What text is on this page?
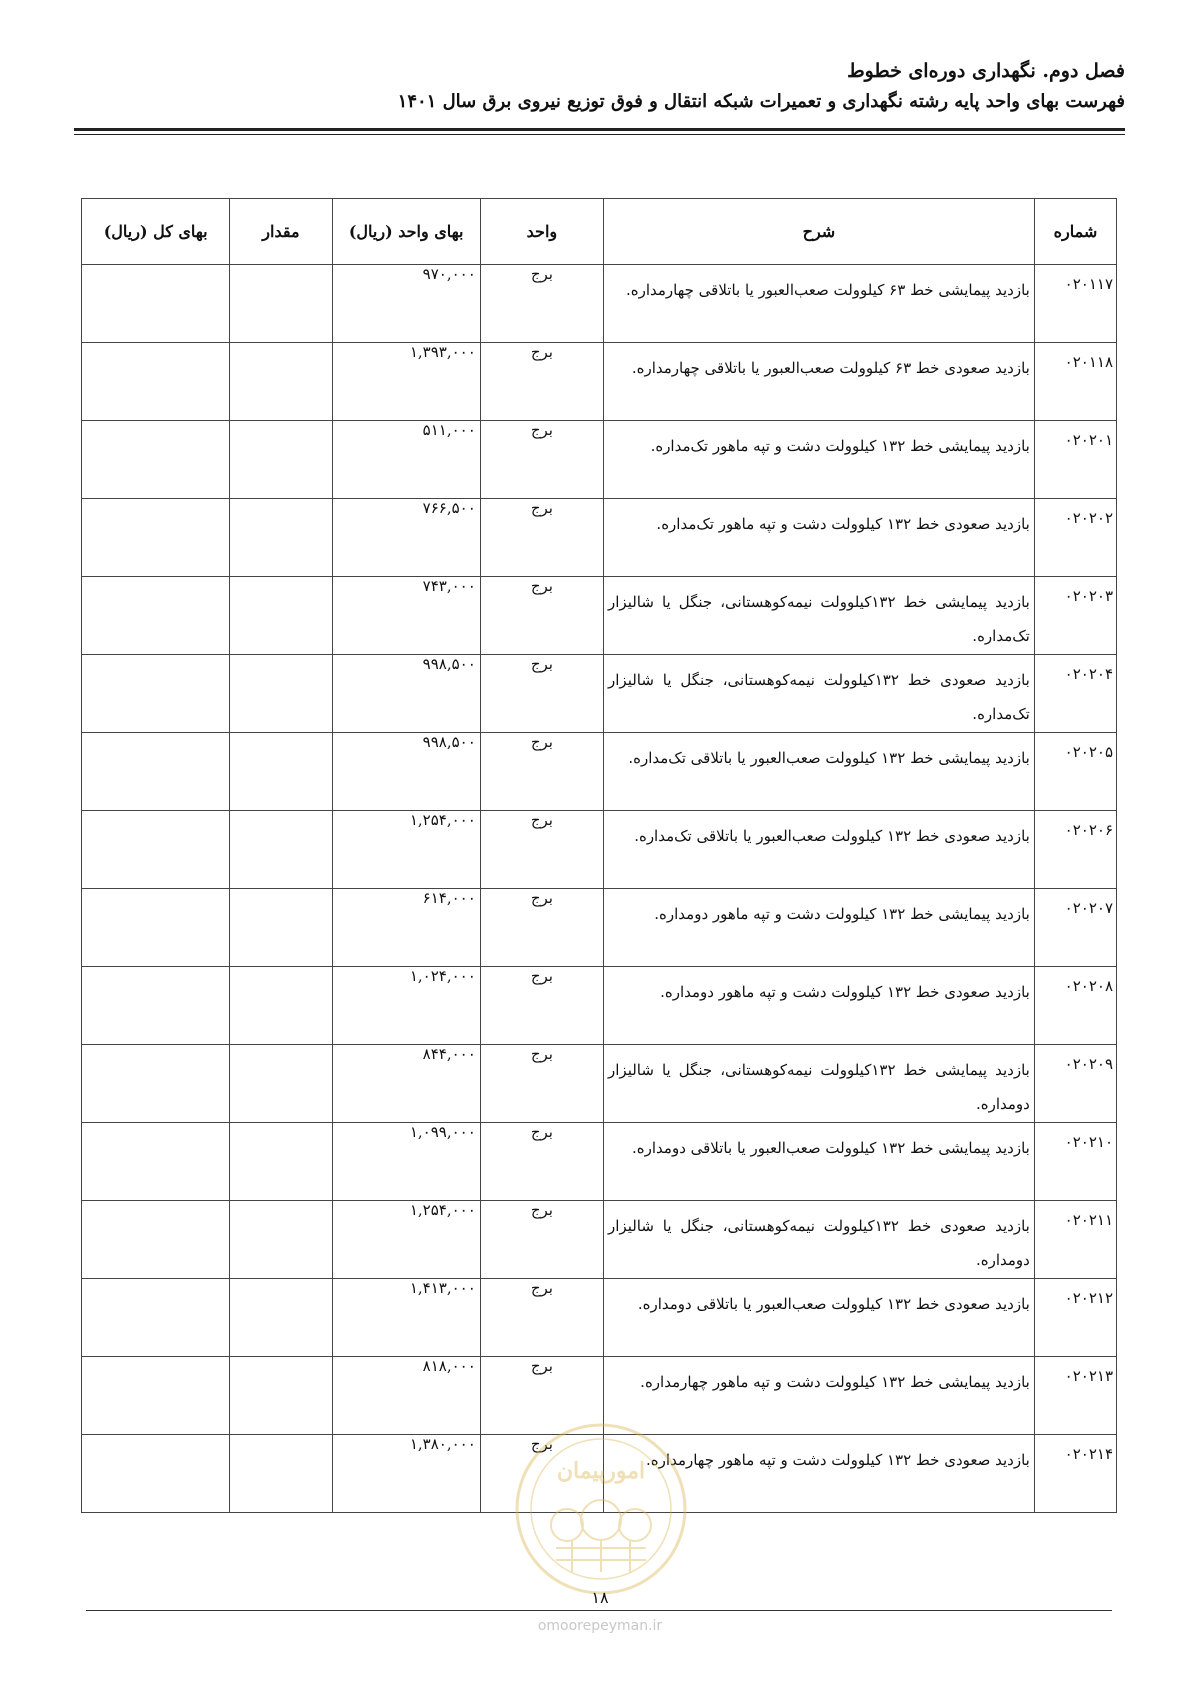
فصل دوم. نگهداری دوره‌ای خطوط
فهرست بهای واحد پایه رشته نگهداری و تعمیرات شبکه انتقال و فوق توزیع نیروی برق سال ۱۴۰۱
شماره	شرح	واحد	بهای واحد (ریال)	مقدار	بهای کل (ریال)
۰۲۰۱۱۷	بازدید پیمایشی خط ۶۳ کیلوولت صعب‌العبور یا باتلاقی چهارمداره.	برج	۹۷۰,۰۰۰		
۰۲۰۱۱۸	بازدید صعودی خط ۶۳ کیلوولت صعب‌العبور یا باتلاقی چهارمداره.	برج	۱,۳۹۳,۰۰۰		
۰۲۰۲۰۱	بازدید پیمایشی خط ۱۳۲ کیلوولت دشت و تپه ماهور تک‌مداره.	برج	۵۱۱,۰۰۰		
۰۲۰۲۰۲	بازدید صعودی خط ۱۳۲ کیلوولت دشت و تپه ماهور تک‌مداره.	برج	۷۶۶,۵۰۰		
۰۲۰۲۰۳	بازدید پیمایشی خط ۱۳۲کیلوولت نیمه‌کوهستانی، جنگل یا شالیزار تک‌مداره.	برج	۷۴۳,۰۰۰		
۰۲۰۲۰۴	بازدید صعودی خط ۱۳۲کیلوولت نیمه‌کوهستانی، جنگل یا شالیزار تک‌مداره.	برج	۹۹۸,۵۰۰		
۰۲۰۲۰۵	بازدید پیمایشی خط ۱۳۲ کیلوولت صعب‌العبور یا باتلاقی تک‌مداره.	برج	۹۹۸,۵۰۰		
۰۲۰۲۰۶	بازدید صعودی خط ۱۳۲ کیلوولت صعب‌العبور یا باتلاقی تک‌مداره.	برج	۱,۲۵۴,۰۰۰		
۰۲۰۲۰۷	بازدید پیمایشی خط ۱۳۲ کیلوولت دشت و تپه ماهور دومداره.	برج	۶۱۴,۰۰۰		
۰۲۰۲۰۸	بازدید صعودی خط ۱۳۲ کیلوولت دشت و تپه ماهور دومداره.	برج	۱,۰۲۴,۰۰۰		
۰۲۰۲۰۹	بازدید پیمایشی خط ۱۳۲کیلوولت نیمه‌کوهستانی، جنگل یا شالیزار دومداره.	برج	۸۴۴,۰۰۰		
۰۲۰۲۱۰	بازدید پیمایشی خط ۱۳۲ کیلوولت صعب‌العبور یا باتلاقی دومداره.	برج	۱,۰۹۹,۰۰۰		
۰۲۰۲۱۱	بازدید صعودی خط ۱۳۲کیلوولت نیمه‌کوهستانی، جنگل یا شالیزار دومداره.	برج	۱,۲۵۴,۰۰۰		
۰۲۰۲۱۲	بازدید صعودی خط ۱۳۲ کیلوولت صعب‌العبور یا باتلاقی دومداره.	برج	۱,۴۱۳,۰۰۰		
۰۲۰۲۱۳	بازدید پیمایشی خط ۱۳۲ کیلوولت دشت و تپه ماهور چهارمداره.	برج	۸۱۸,۰۰۰		
۰۲۰۲۱۴	بازدید صعودی خط ۱۳۲ کیلوولت دشت و تپه ماهور چهارمداره.	برج	۱,۳۸۰,۰۰۰		
امورپیمان
۱۸
omoorepeyman.ir
